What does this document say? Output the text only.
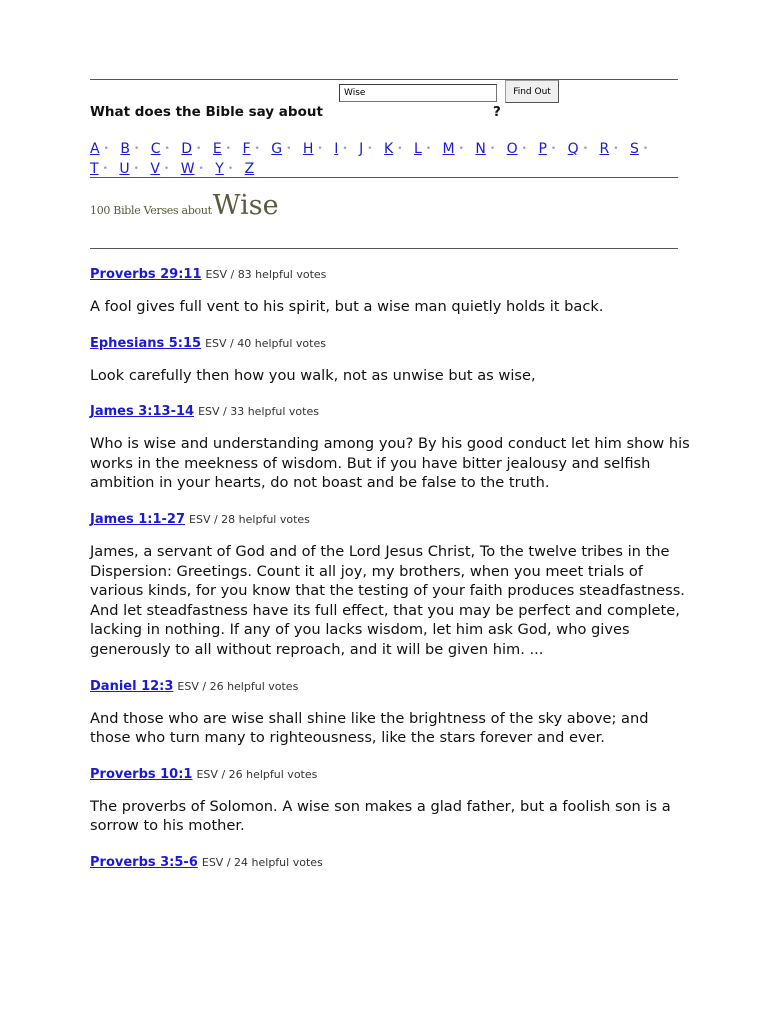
Wise
Find Out
What does the Bible say about	?
A • B • C • D • E • F • G • H • I • J • K • L • M • N • O • P • Q • R • S • T • U • V • W • Y • Z
100 Bible Verses aboutWise
Proverbs 29:11 ESV / 83 helpful votes
A fool gives full vent to his spirit, but a wise man quietly holds it back.
Ephesians 5:15 ESV / 40 helpful votes
Look carefully then how you walk, not as unwise but as wise,
James 3:13-14 ESV / 33 helpful votes
Who is wise and understanding among you? By his good conduct let him show his works in the meekness of wisdom. But if you have bitter jealousy and selfish ambition in your hearts, do not boast and be false to the truth.
James 1:1-27 ESV / 28 helpful votes
James, a servant of God and of the Lord Jesus Christ, To the twelve tribes in the Dispersion: Greetings. Count it all joy, my brothers, when you meet trials of various kinds, for you know that the testing of your faith produces steadfastness. And let steadfastness have its full effect, that you may be perfect and complete, lacking in nothing. If any of you lacks wisdom, let him ask God, who gives generously to all without reproach, and it will be given him. ...
Daniel 12:3 ESV / 26 helpful votes
And those who are wise shall shine like the brightness of the sky above; and those who turn many to righteousness, like the stars forever and ever.
Proverbs 10:1 ESV / 26 helpful votes
The proverbs of Solomon. A wise son makes a glad father, but a foolish son is a sorrow to his mother.
Proverbs 3:5-6 ESV / 24 helpful votes
